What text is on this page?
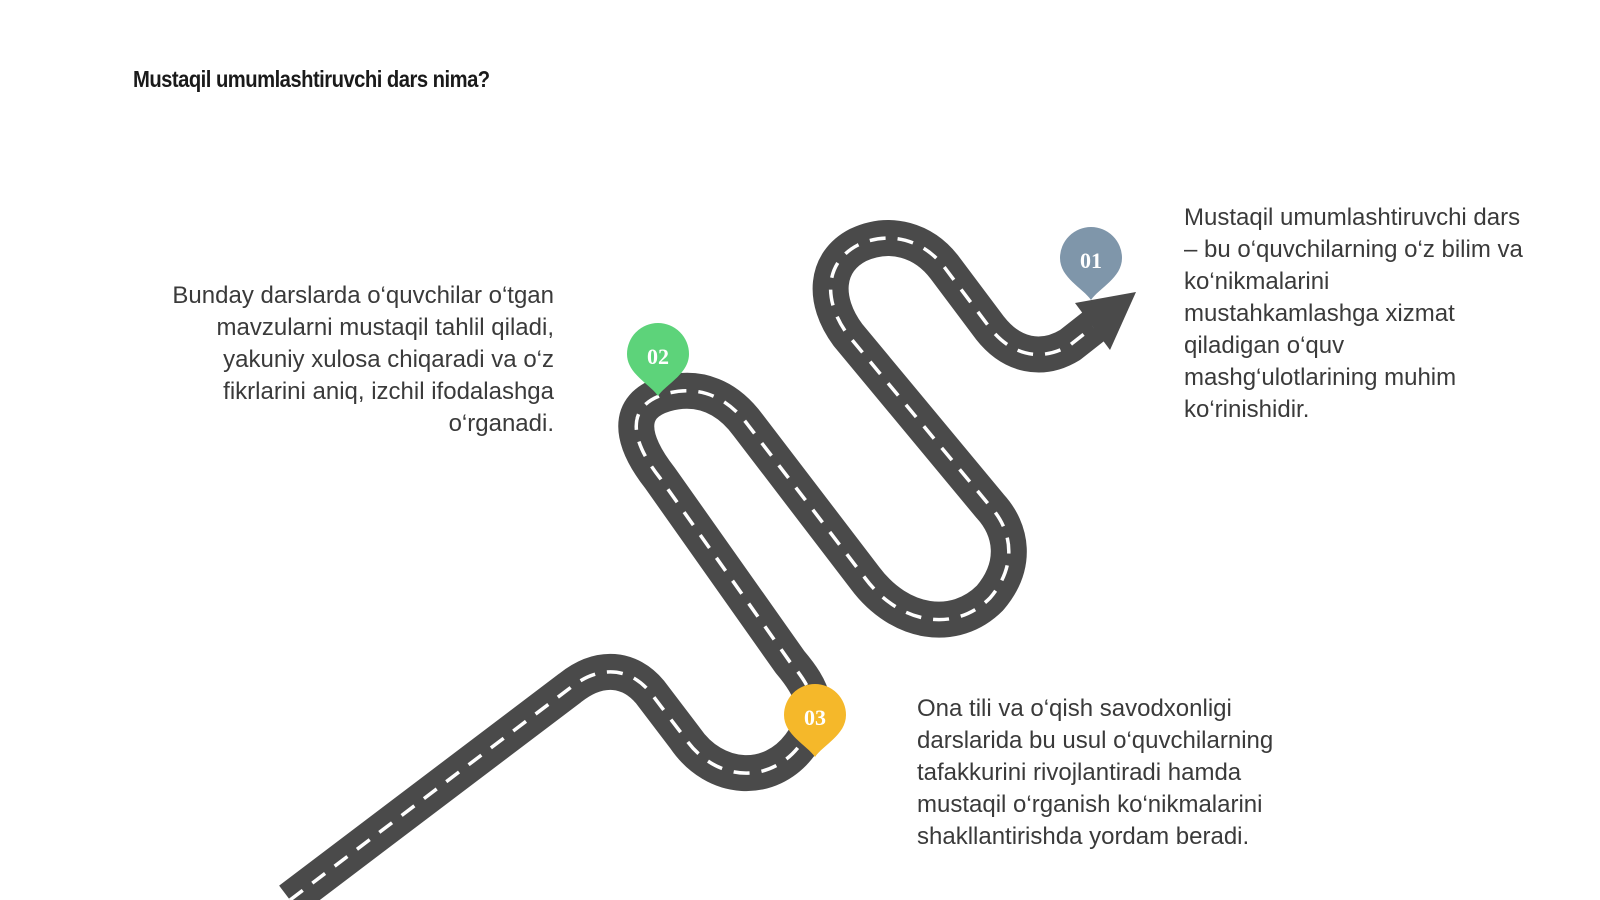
Mustaqil umumlashtiruvchi dars nima?
01
02
03
Mustaqil umumlashtiruvchi dars
– bu o‘quvchilarning o‘z bilim va
ko‘nikmalarini
mustahkamlashga xizmat
qiladigan o‘quv
mashg‘ulotlarining muhim
ko‘rinishidir.
Bunday darslarda o‘quvchilar o‘tgan
mavzularni mustaqil tahlil qiladi,
yakuniy xulosa chiqaradi va o‘z
fikrlarini aniq, izchil ifodalashga
o‘rganadi.
Ona tili va o‘qish savodxonligi
darslarida bu usul o‘quvchilarning
tafakkurini rivojlantiradi hamda
mustaqil o‘rganish ko‘nikmalarini
shakllantirishda yordam beradi.
